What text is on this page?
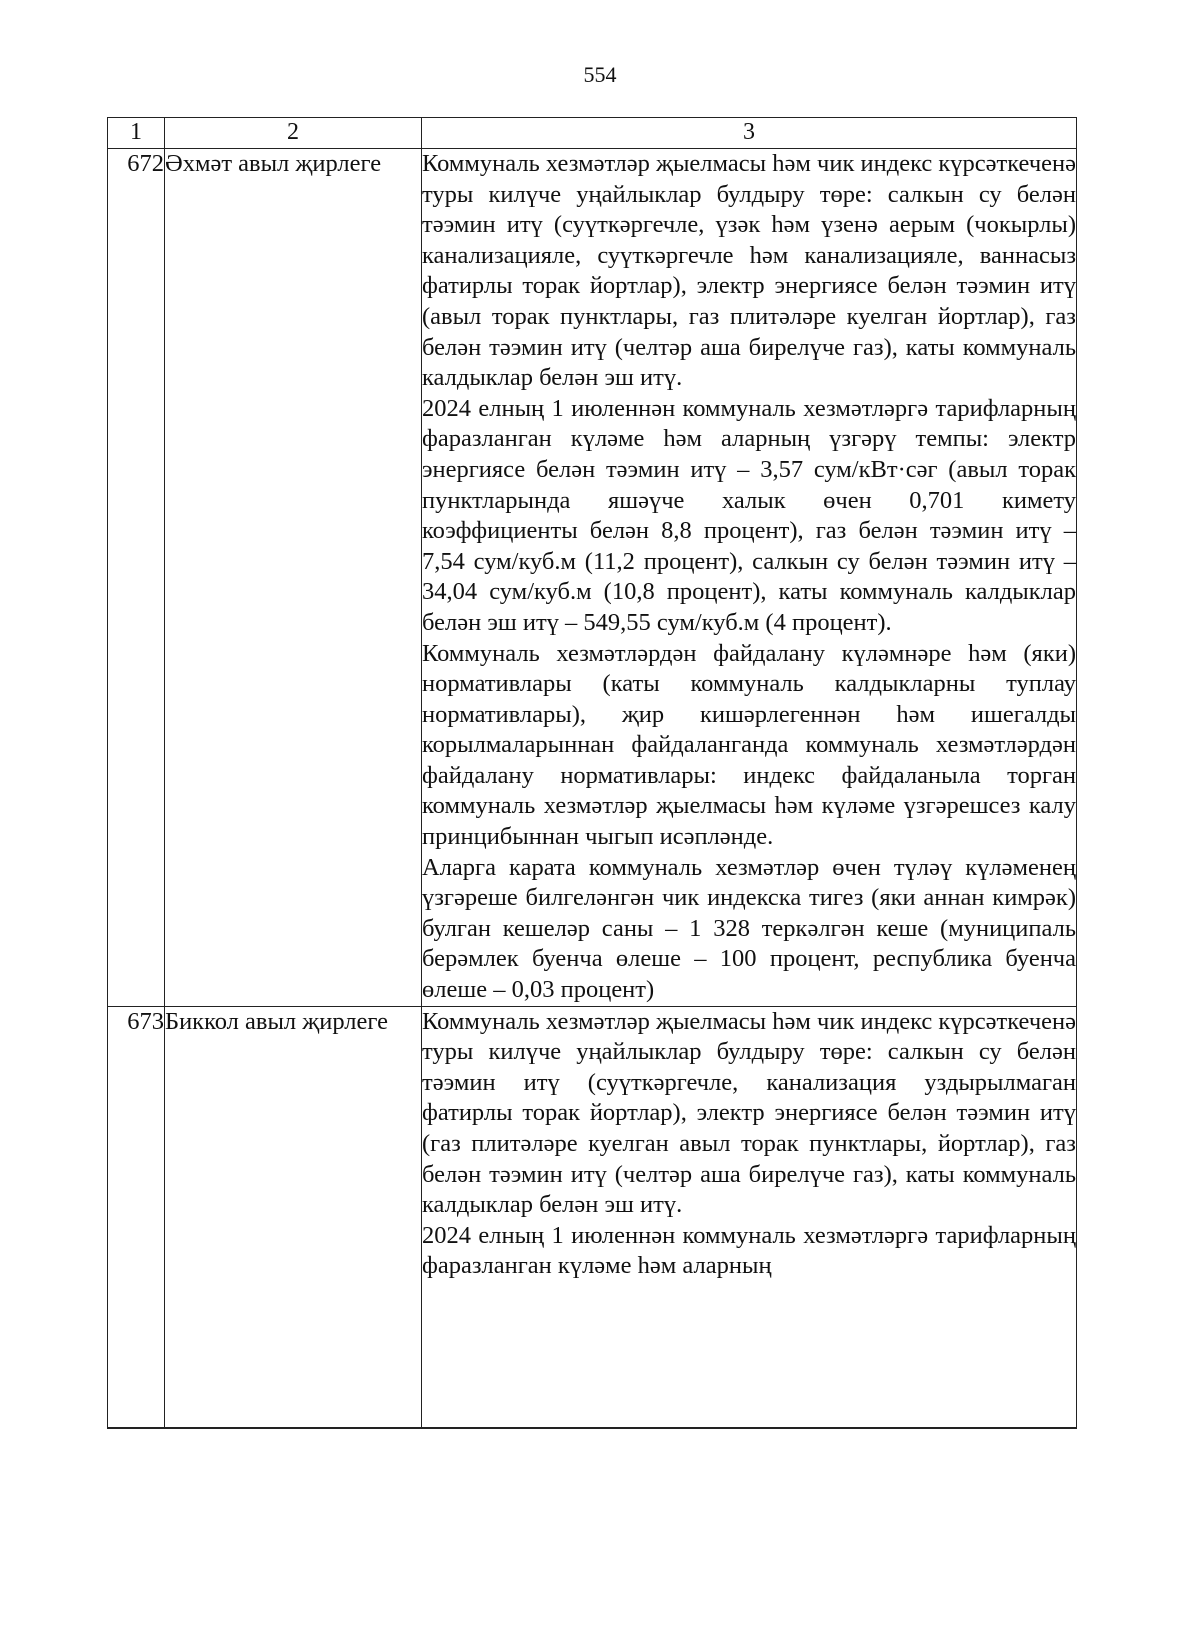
554
1	2	3
672	Әхмәт авыл җирлеге	Коммуналь хезмәтләр җыелмасы һәм чик индекс күрсәткеченә туры килүче уңайлыклар булдыру төре: салкын су белән тәэмин итү (суүткәргечле, үзәк һәм үзенә аерым (чокырлы) канализацияле, суүткәргечле һәм канализацияле, ваннасыз фатирлы торак йортлар), электр энергиясе белән тәэмин итү (авыл торак пунктлары, газ плитәләре куелган йортлар), газ белән тәэмин итү (челтәр аша бирелүче газ), каты коммуналь калдыклар белән эш итү.

2024 елның 1 июленнән коммуналь хезмәтләргә тарифларның фаразланган күләме һәм аларның үзгәрү темпы: электр энергиясе белән тәэмин итү – 3,57 сум/кВт·сәг (авыл торак пунктларында яшәүче халык өчен 0,701 кимету коэффициенты белән 8,8 процент), газ белән тәэмин итү – 7,54 сум/куб.м (11,2 процент), салкын су белән тәэмин итү – 34,04 сум/куб.м (10,8 процент), каты коммуналь калдыклар белән эш итү – 549,55 сум/куб.м (4 процент).

Коммуналь хезмәтләрдән файдалану күләмнәре һәм (яки) нормативлары (каты коммуналь калдыкларны туплау нормативлары), җир кишәрлегеннән һәм ишегалды корылмаларыннан файдаланганда коммуналь хезмәтләрдән файдалану нормативлары: индекс файдаланыла торган коммуналь хезмәтләр җыелмасы һәм күләме үзгәрешсез калу принцибыннан чыгып исәпләнде.

Аларга карата коммуналь хезмәтләр өчен түләү күләменең үзгәреше билгеләнгән чик индекска тигез (яки аннан кимрәк) булган кешеләр саны – 1 328 теркәлгән кеше (муниципаль берәмлек буенча өлеше – 100 процент, республика буенча өлеше – 0,03 процент)

673	Биккол авыл җирлеге	Коммуналь хезмәтләр җыелмасы һәм чик индекс күрсәткеченә туры килүче уңайлыклар булдыру төре: салкын су белән тәэмин итү (суүткәргечле, канализация уздырылмаган фатирлы торак йортлар), электр энергиясе белән тәэмин итү (газ плитәләре куелган авыл торак пунктлары, йортлар), газ белән тәэмин итү (челтәр аша бирелүче газ), каты коммуналь калдыклар белән эш итү.

2024 елның 1 июленнән коммуналь хезмәтләргә тарифларның фаразланган күләме һәм аларның
